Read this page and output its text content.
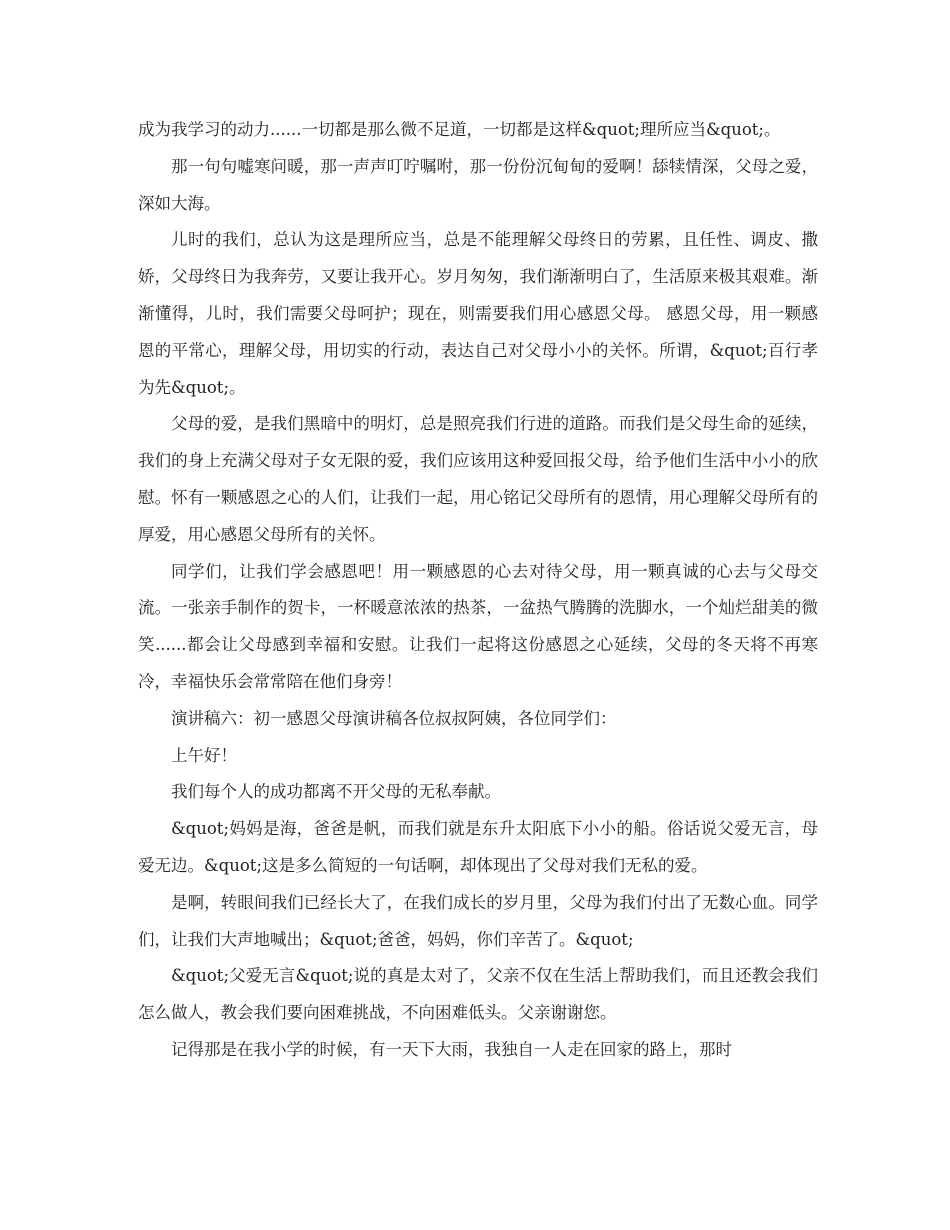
成为我学习的动力......一切都是那么微不足道，一切都是这样&quot;理所应当&quot;。

那一句句嘘寒问暖，那一声声叮咛嘱咐，那一份份沉甸甸的爱啊！舔犊情深，父母之爱，深如大海。

儿时的我们，总认为这是理所应当，总是不能理解父母终日的劳累，且任性、调皮、撒娇，父母终日为我奔劳，又要让我开心。岁月匆匆，我们渐渐明白了，生活原来极其艰难。渐渐懂得，儿时，我们需要父母呵护；现在，则需要我们用心感恩父母。 感恩父母，用一颗感恩的平常心，理解父母，用切实的行动，表达自己对父母小小的关怀。所谓，&quot;百行孝为先&quot;。

父母的爱，是我们黑暗中的明灯，总是照亮我们行进的道路。而我们是父母生命的延续，我们的身上充满父母对子女无限的爱，我们应该用这种爱回报父母，给予他们生活中小小的欣慰。怀有一颗感恩之心的人们，让我们一起，用心铭记父母所有的恩情，用心理解父母所有的厚爱，用心感恩父母所有的关怀。

同学们，让我们学会感恩吧！用一颗感恩的心去对待父母，用一颗真诚的心去与父母交流。一张亲手制作的贺卡，一杯暖意浓浓的热茶，一盆热气腾腾的洗脚水，一个灿烂甜美的微笑......都会让父母感到幸福和安慰。让我们一起将这份感恩之心延续，父母的冬天将不再寒冷，幸福快乐会常常陪在他们身旁！

演讲稿六：初一感恩父母演讲稿各位叔叔阿姨，各位同学们：

上午好！

我们每个人的成功都离不开父母的无私奉献。

&quot;妈妈是海，爸爸是帆，而我们就是东升太阳底下小小的船。俗话说父爱无言，母爱无边。&quot;这是多么简短的一句话啊，却体现出了父母对我们无私的爱。

是啊，转眼间我们已经长大了，在我们成长的岁月里，父母为我们付出了无数心血。同学们，让我们大声地喊出；&quot;爸爸，妈妈，你们辛苦了。&quot;

&quot;父爱无言&quot;说的真是太对了，父亲不仅在生活上帮助我们，而且还教会我们怎么做人，教会我们要向困难挑战，不向困难低头。父亲谢谢您。

记得那是在我小学的时候，有一天下大雨，我独自一人走在回家的路上，那时
